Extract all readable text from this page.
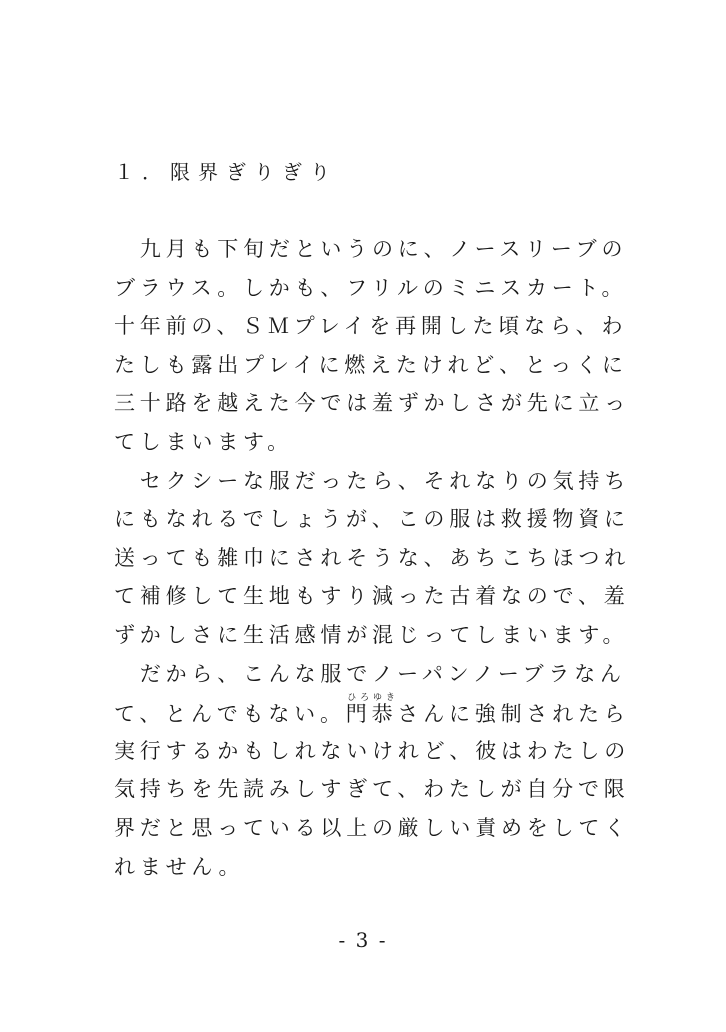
１．限界ぎりぎり
　九月も下旬だというのに、ノースリーブの
ブラウス。しかも、フリルのミニスカート。
十年前の、ＳＭプレイを再開した頃なら、わ
たしも露出プレイに燃えたけれど、とっくに
三十路を越えた今では羞ずかしさが先に立っ
てしまいます。
　セクシーな服だったら、それなりの気持ち
にもなれるでしょうが、この服は救援物資に
送っても雑巾にされそうな、あちこちほつれ
て補修して生地もすり減った古着なので、羞
ずかしさに生活感情が混じってしまいます。
　だから、こんな服でノーパンノーブラなん
て、とんでもない。門恭ひろゆきさんに強制されたら
実行するかもしれないけれど、彼はわたしの
気持ちを先読みしすぎて、わたしが自分で限
界だと思っている以上の厳しい責めをしてく
れません。
- 3 -
